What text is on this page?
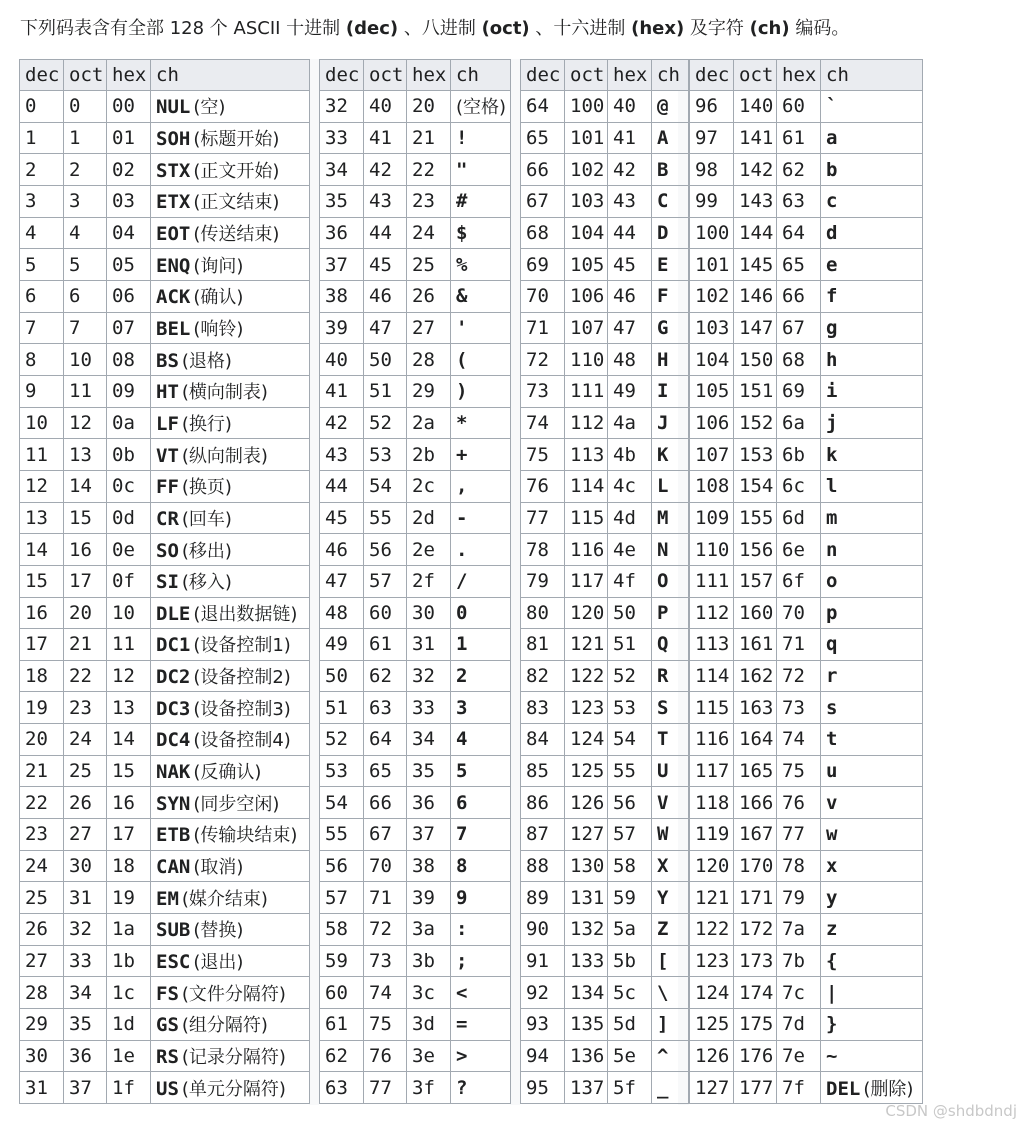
下列码表含有全部 128 个 ASCII 十进制 (dec) 、八进制 (oct) 、十六进制 (hex) 及字符 (ch) 编码。
dec	oct	hex	ch
0	0	00	NUL (空)
1	1	01	SOH (标题开始)
2	2	02	STX (正文开始)
3	3	03	ETX (正文结束)
4	4	04	EOT (传送结束)
5	5	05	ENQ (询问)
6	6	06	ACK (确认)
7	7	07	BEL (响铃)
8	10	08	BS (退格)
9	11	09	HT (横向制表)
10	12	0a	LF (换行)
11	13	0b	VT (纵向制表)
12	14	0c	FF (换页)
13	15	0d	CR (回车)
14	16	0e	SO (移出)
15	17	0f	SI (移入)
16	20	10	DLE (退出数据链)
17	21	11	DC1 (设备控制1)
18	22	12	DC2 (设备控制2)
19	23	13	DC3 (设备控制3)
20	24	14	DC4 (设备控制4)
21	25	15	NAK (反确认)
22	26	16	SYN (同步空闲)
23	27	17	ETB (传输块结束)
24	30	18	CAN (取消)
25	31	19	EM (媒介结束)
26	32	1a	SUB (替换)
27	33	1b	ESC (退出)
28	34	1c	FS (文件分隔符)
29	35	1d	GS (组分隔符)
30	36	1e	RS (记录分隔符)
31	37	1f	US (单元分隔符)
dec	oct	hex	ch
32	40	20	(空格)
33	41	21	!
34	42	22	"
35	43	23	#
36	44	24	$
37	45	25	%
38	46	26	&
39	47	27	'
40	50	28	(
41	51	29	)
42	52	2a	*
43	53	2b	+
44	54	2c	,
45	55	2d	-
46	56	2e	.
47	57	2f	/
48	60	30	0
49	61	31	1
50	62	32	2
51	63	33	3
52	64	34	4
53	65	35	5
54	66	36	6
55	67	37	7
56	70	38	8
57	71	39	9
58	72	3a	:
59	73	3b	;
60	74	3c	<
61	75	3d	=
62	76	3e	>
63	77	3f	?
dec	oct	hex	ch
64	100	40	@
65	101	41	A
66	102	42	B
67	103	43	C
68	104	44	D
69	105	45	E
70	106	46	F
71	107	47	G
72	110	48	H
73	111	49	I
74	112	4a	J
75	113	4b	K
76	114	4c	L
77	115	4d	M
78	116	4e	N
79	117	4f	O
80	120	50	P
81	121	51	Q
82	122	52	R
83	123	53	S
84	124	54	T
85	125	55	U
86	126	56	V
87	127	57	W
88	130	58	X
89	131	59	Y
90	132	5a	Z
91	133	5b	[
92	134	5c	\
93	135	5d	]
94	136	5e	^
95	137	5f	_
dec	oct	hex	ch
96	140	60	`
97	141	61	a
98	142	62	b
99	143	63	c
100	144	64	d
101	145	65	e
102	146	66	f
103	147	67	g
104	150	68	h
105	151	69	i
106	152	6a	j
107	153	6b	k
108	154	6c	l
109	155	6d	m
110	156	6e	n
111	157	6f	o
112	160	70	p
113	161	71	q
114	162	72	r
115	163	73	s
116	164	74	t
117	165	75	u
118	166	76	v
119	167	77	w
120	170	78	x
121	171	79	y
122	172	7a	z
123	173	7b	{
124	174	7c	|
125	175	7d	}
126	176	7e	~
127	177	7f	DEL (删除)
CSDN @shdbdndj
